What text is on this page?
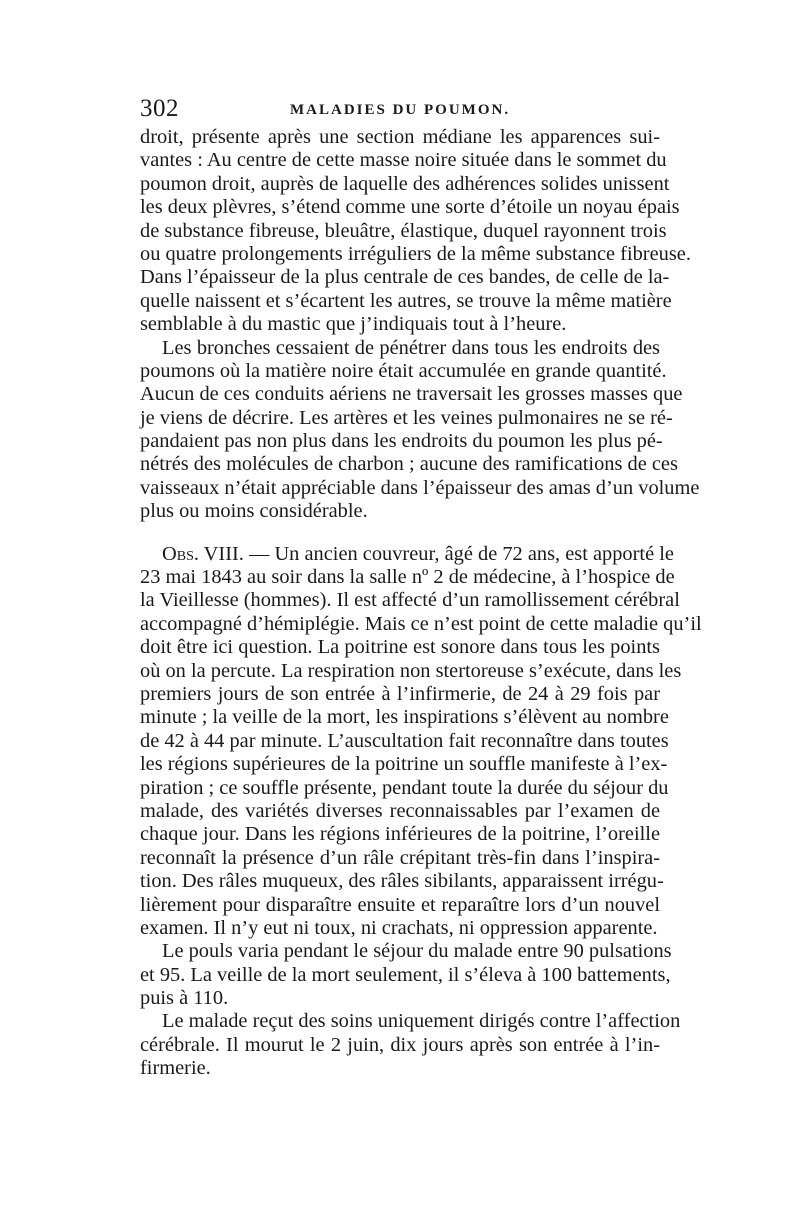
302	MALADIES DU POUMON.
droit, présente après une section médiane les apparences sui-
vantes : Au centre de cette masse noire située dans le sommet du
poumon droit, auprès de laquelle des adhérences solides unissent
les deux plèvres, s’étend comme une sorte d’étoile un noyau épais
de substance fibreuse, bleuâtre, élastique, duquel rayonnent trois
ou quatre prolongements irréguliers de la même substance fibreuse.
Dans l’épaisseur de la plus centrale de ces bandes, de celle de la-
quelle naissent et s’écartent les autres, se trouve la même matière
semblable à du mastic que j’indiquais tout à l’heure.
Les bronches cessaient de pénétrer dans tous les endroits des
poumons où la matière noire était accumulée en grande quantité.
Aucun de ces conduits aériens ne traversait les grosses masses que
je viens de décrire. Les artères et les veines pulmonaires ne se ré-
pandaient pas non plus dans les endroits du poumon les plus pé-
nétrés des molécules de charbon ; aucune des ramifications de ces
vaisseaux n’était appréciable dans l’épaisseur des amas d’un volume
plus ou moins considérable.
Obs. VIII. — Un ancien couvreur, âgé de 72 ans, est apporté le
23 mai 1843 au soir dans la salle nº 2 de médecine, à l’hospice de
la Vieillesse (hommes). Il est affecté d’un ramollissement cérébral
accompagné d’hémiplégie. Mais ce n’est point de cette maladie qu’il
doit être ici question. La poitrine est sonore dans tous les points
où on la percute. La respiration non stertoreuse s’exécute, dans les
premiers jours de son entrée à l’infirmerie, de 24 à 29 fois par
minute ; la veille de la mort, les inspirations s’élèvent au nombre
de 42 à 44 par minute. L’auscultation fait reconnaître dans toutes
les régions supérieures de la poitrine un souffle manifeste à l’ex-
piration ; ce souffle présente, pendant toute la durée du séjour du
malade, des variétés diverses reconnaissables par l’examen de
chaque jour. Dans les régions inférieures de la poitrine, l’oreille
reconnaît la présence d’un râle crépitant très-fin dans l’inspira-
tion. Des râles muqueux, des râles sibilants, apparaissent irrégu-
lièrement pour disparaître ensuite et reparaître lors d’un nouvel
examen. Il n’y eut ni toux, ni crachats, ni oppression apparente.
Le pouls varia pendant le séjour du malade entre 90 pulsations
et 95. La veille de la mort seulement, il s’éleva à 100 battements,
puis à 110.
Le malade reçut des soins uniquement dirigés contre l’affection
cérébrale. Il mourut le 2 juin, dix jours après son entrée à l’in-
firmerie.
